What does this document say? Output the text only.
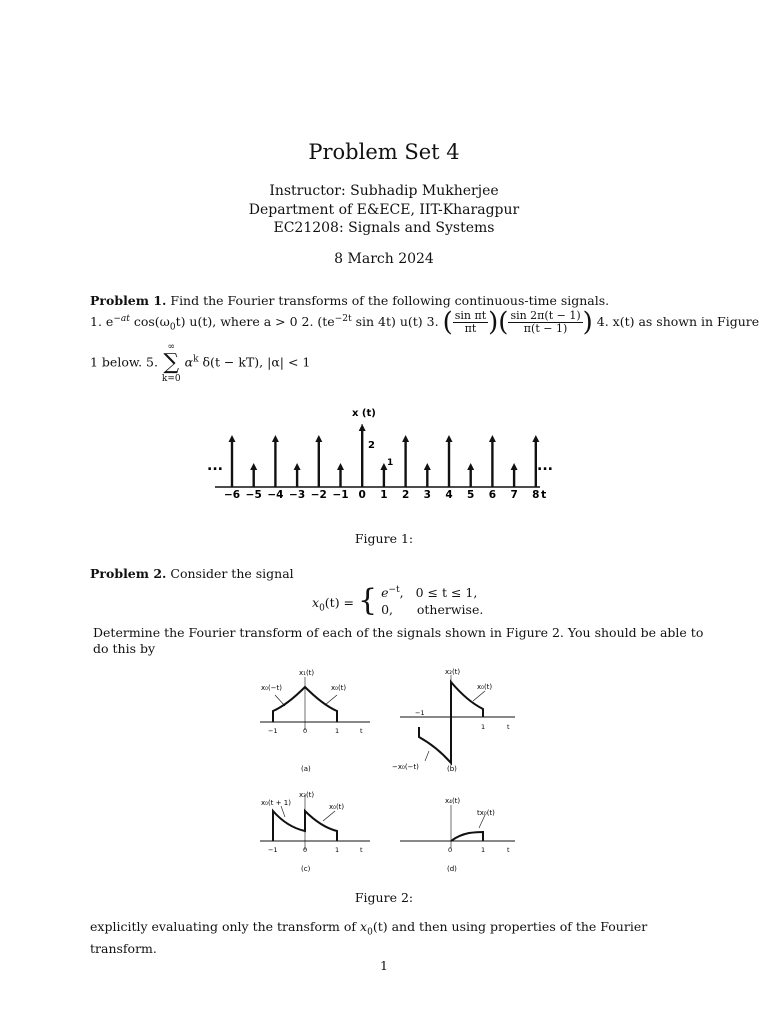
Problem Set 4
Instructor: Subhadip Mukherjee
Department of E&ECE, IIT-Kharagpur
EC21208: Signals and Systems
8 March 2024
Problem 1. Find the Fourier transforms of the following continuous-time signals.
1. $e^{-at}$ $\cos(\omega_0t)$ u(t), where a > 0 2. ($te^{-2t}$ sin 4t) u(t) 3. ( $\frac{\text{sin πt}}{\pi t}$ )( $\frac{\sin 2\pi(t - 1)}{\pi(t - 1)}$ ) 4. x(t) as shown in Figure
1 below. 5. ∞
∑
k=0 $\alpha^k$ δ(t − kT), |α| < 1
x (t)
2
1
...	...
t
−6 −5 −4 −3 −2 −1 0 1 2 3 4 5 6 7 8
Figure 1:
Problem 2. Consider the signal
$x_0(t)$ = { $e^{-t}$,   0 ≤ t ≤ 1,
0, otherwise.
Determine the Fourier transform of each of the signals shown in Figure 2. You should be able to do this by
x₁(t)
x₀(−t)	x₀(t)
−1	0	1	t
(a)
x₂(t)
x₀(t)
−1
−x₀(−t)
1	t
(b)
x₃(t)
x₀(t + 1)	x₀(t)
−1	0	1	t
(c)
x₄(t)
tx₀(t)
0	1	t
(d)
Figure 2:
explicitly evaluating only the transform of $x_0(t)$ and then using properties of the Fourier transform.
1
